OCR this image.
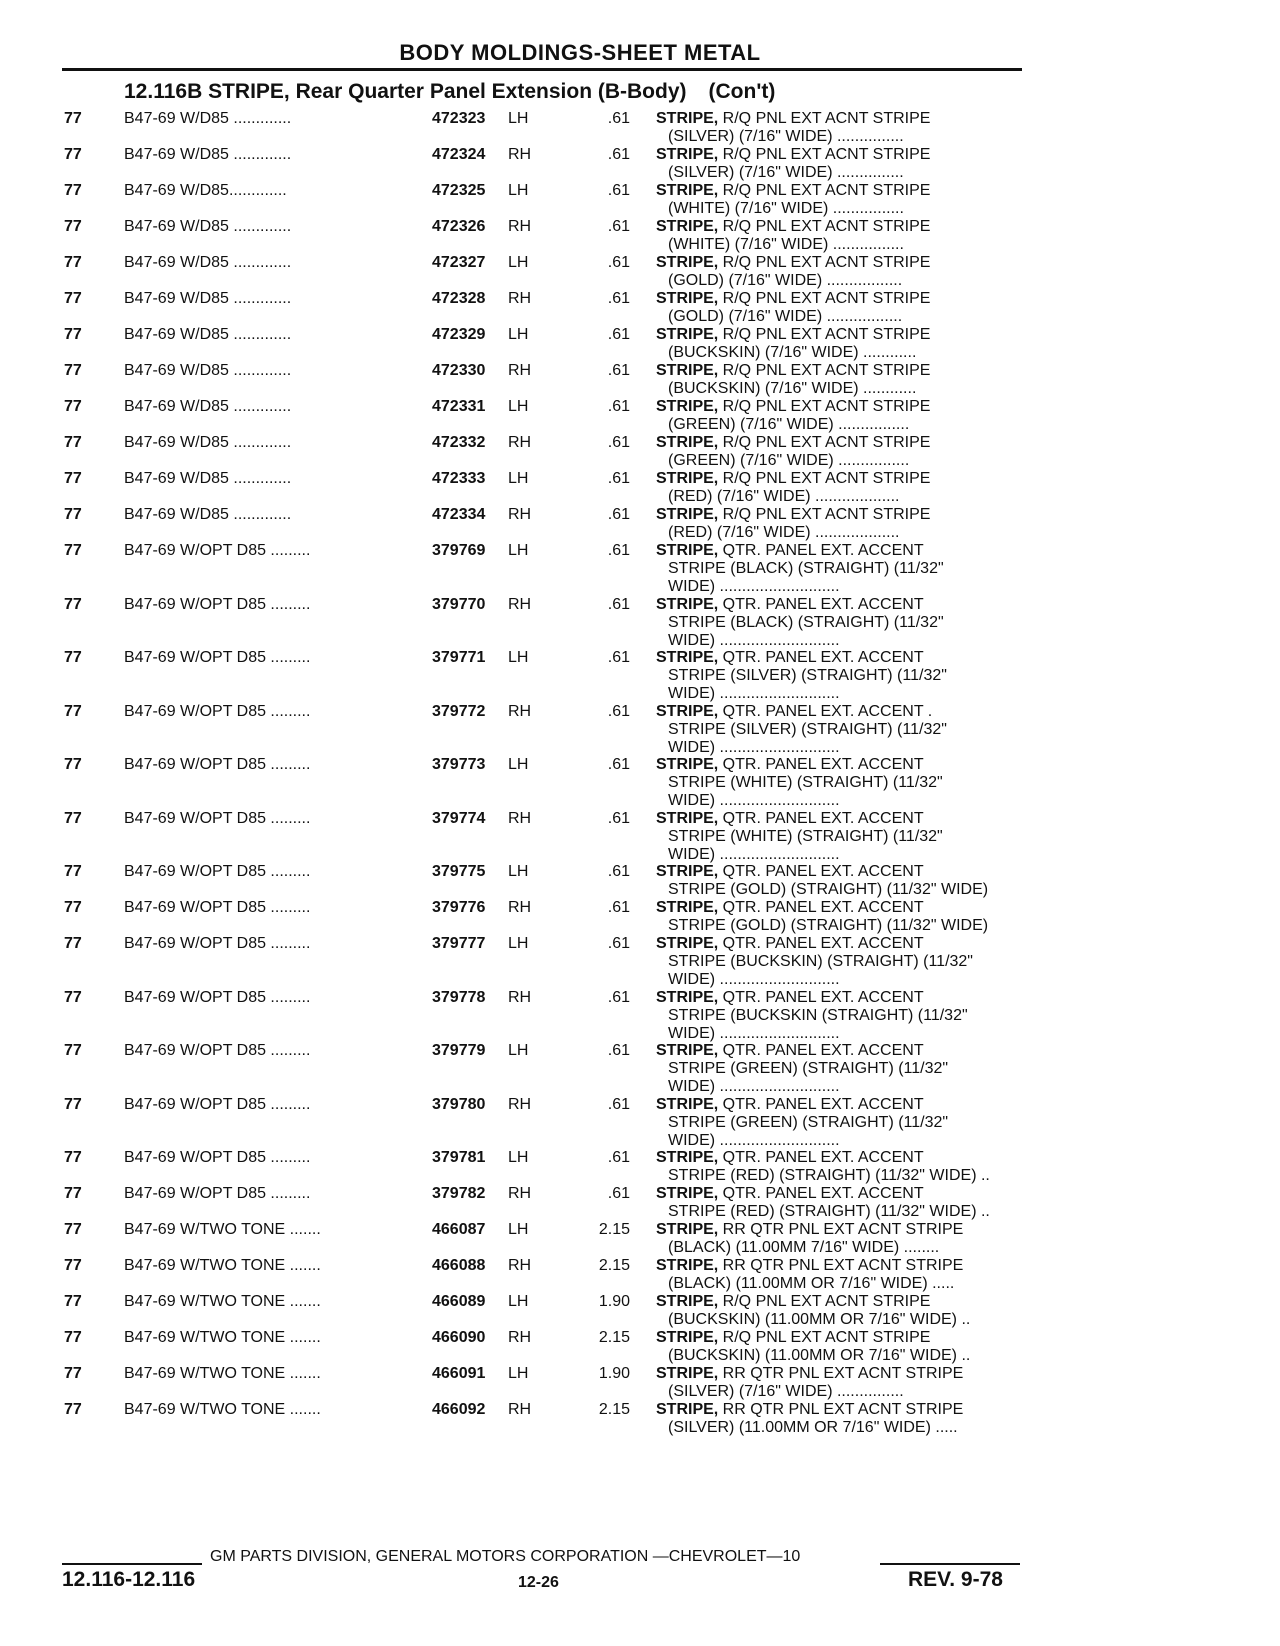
BODY MOLDINGS-SHEET METAL
12.116B STRIPE, Rear Quarter Panel Extension (B-Body) (Con't)
77	B47-69 W/D85 .............	472323 LH	.61 STRIPE, R/Q PNL EXT ACNT STRIPE
(SILVER) (7/16" WIDE) ...............
77	B47-69 W/D85 .............	472324 RH	.61 STRIPE, R/Q PNL EXT ACNT STRIPE
(SILVER) (7/16" WIDE) ...............
77	B47-69 W/D85.............	472325 LH	.61 STRIPE, R/Q PNL EXT ACNT STRIPE
(WHITE) (7/16" WIDE) ................
77	B47-69 W/D85 .............	472326 RH	.61 STRIPE, R/Q PNL EXT ACNT STRIPE
(WHITE) (7/16" WIDE) ................
77	B47-69 W/D85 .............	472327 LH	.61 STRIPE, R/Q PNL EXT ACNT STRIPE
(GOLD) (7/16" WIDE) .................
77	B47-69 W/D85 .............	472328 RH	.61 STRIPE, R/Q PNL EXT ACNT STRIPE
(GOLD) (7/16" WIDE) .................
77	B47-69 W/D85 .............	472329 LH	.61 STRIPE, R/Q PNL EXT ACNT STRIPE
(BUCKSKIN) (7/16" WIDE) ............
77	B47-69 W/D85 .............	472330 RH	.61 STRIPE, R/Q PNL EXT ACNT STRIPE
(BUCKSKIN) (7/16" WIDE) ............
77	B47-69 W/D85 .............	472331 LH	.61 STRIPE, R/Q PNL EXT ACNT STRIPE
(GREEN) (7/16" WIDE) ................
77	B47-69 W/D85 .............	472332 RH	.61 STRIPE, R/Q PNL EXT ACNT STRIPE
(GREEN) (7/16" WIDE) ................
77	B47-69 W/D85 .............	472333 LH	.61 STRIPE, R/Q PNL EXT ACNT STRIPE
(RED) (7/16" WIDE) ...................
77	B47-69 W/D85 .............	472334 RH	.61 STRIPE, R/Q PNL EXT ACNT STRIPE
(RED) (7/16" WIDE) ...................
77	B47-69 W/OPT D85 .........	379769 LH	.61 STRIPE, QTR. PANEL EXT. ACCENT
STRIPE (BLACK) (STRAIGHT) (11/32"
WIDE) ...........................
77	B47-69 W/OPT D85 .........	379770 RH	.61 STRIPE, QTR. PANEL EXT. ACCENT
STRIPE (BLACK) (STRAIGHT) (11/32"
WIDE) ...........................
77	B47-69 W/OPT D85 .........	379771 LH	.61 STRIPE, QTR. PANEL EXT. ACCENT
STRIPE (SILVER) (STRAIGHT) (11/32"
WIDE) ...........................
77	B47-69 W/OPT D85 .........	379772 RH	.61 STRIPE, QTR. PANEL EXT. ACCENT .
STRIPE (SILVER) (STRAIGHT) (11/32"
WIDE) ...........................
77	B47-69 W/OPT D85 .........	379773 LH	.61 STRIPE, QTR. PANEL EXT. ACCENT
STRIPE (WHITE) (STRAIGHT) (11/32"
WIDE) ...........................
77	B47-69 W/OPT D85 .........	379774 RH	.61 STRIPE, QTR. PANEL EXT. ACCENT
STRIPE (WHITE) (STRAIGHT) (11/32"
WIDE) ...........................
77	B47-69 W/OPT D85 .........	379775 LH	.61 STRIPE, QTR. PANEL EXT. ACCENT
STRIPE (GOLD) (STRAIGHT) (11/32" WIDE)
77	B47-69 W/OPT D85 .........	379776 RH	.61 STRIPE, QTR. PANEL EXT. ACCENT
STRIPE (GOLD) (STRAIGHT) (11/32" WIDE)
77	B47-69 W/OPT D85 .........	379777 LH	.61 STRIPE, QTR. PANEL EXT. ACCENT
STRIPE (BUCKSKIN) (STRAIGHT) (11/32"
WIDE) ...........................
77	B47-69 W/OPT D85 .........	379778 RH	.61 STRIPE, QTR. PANEL EXT. ACCENT
STRIPE (BUCKSKIN (STRAIGHT) (11/32"
WIDE) ...........................
77	B47-69 W/OPT D85 .........	379779 LH	.61 STRIPE, QTR. PANEL EXT. ACCENT
STRIPE (GREEN) (STRAIGHT) (11/32"
WIDE) ...........................
77	B47-69 W/OPT D85 .........	379780 RH	.61 STRIPE, QTR. PANEL EXT. ACCENT
STRIPE (GREEN) (STRAIGHT) (11/32"
WIDE) ...........................
77	B47-69 W/OPT D85 .........	379781 LH	.61 STRIPE, QTR. PANEL EXT. ACCENT
STRIPE (RED) (STRAIGHT) (11/32" WIDE) ..
77	B47-69 W/OPT D85 .........	379782 RH	.61 STRIPE, QTR. PANEL EXT. ACCENT
STRIPE (RED) (STRAIGHT) (11/32" WIDE) ..
77	B47-69 W/TWO TONE .......	466087 LH	2.15 STRIPE, RR QTR PNL EXT ACNT STRIPE
(BLACK) (11.00MM 7/16" WIDE) ........
77	B47-69 W/TWO TONE .......	466088 RH	2.15 STRIPE, RR QTR PNL EXT ACNT STRIPE
(BLACK) (11.00MM OR 7/16" WIDE) .....
77	B47-69 W/TWO TONE .......	466089 LH	1.90 STRIPE, R/Q PNL EXT ACNT STRIPE
(BUCKSKIN) (11.00MM OR 7/16" WIDE) ..
77	B47-69 W/TWO TONE .......	466090 RH	2.15 STRIPE, R/Q PNL EXT ACNT STRIPE
(BUCKSKIN) (11.00MM OR 7/16" WIDE) ..
77	B47-69 W/TWO TONE .......	466091 LH	1.90 STRIPE, RR QTR PNL EXT ACNT STRIPE
(SILVER) (7/16" WIDE) ...............
77	B47-69 W/TWO TONE .......	466092 RH	2.15 STRIPE, RR QTR PNL EXT ACNT STRIPE
(SILVER) (11.00MM OR 7/16" WIDE) .....
GM PARTS DIVISION, GENERAL MOTORS CORPORATION —CHEVROLET—10
12.116-12.116	12-26	REV. 9-78
